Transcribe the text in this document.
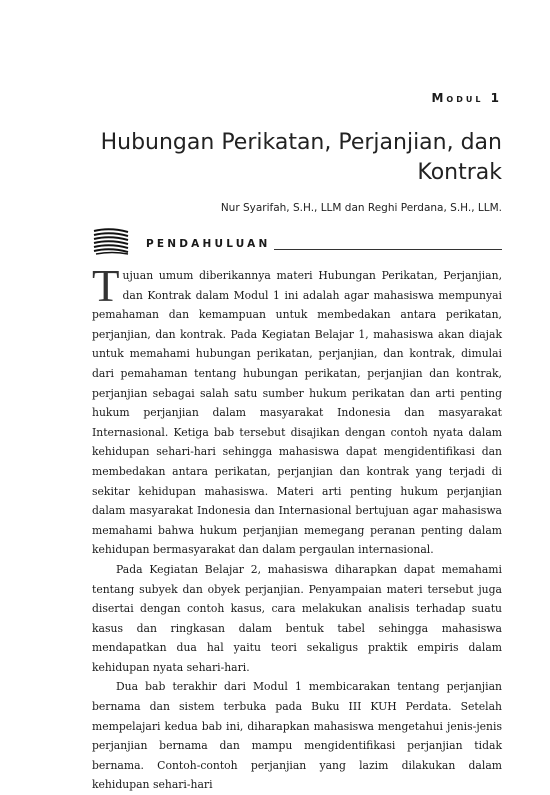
Modul 1
Hubungan Perikatan, Perjanjian, dan Kontrak
Nur Syarifah, S.H., LLM dan Reghi Perdana, S.H., LLM.
PENDAHULUAN

Tujuan umum diberikannya materi Hubungan Perikatan, Perjanjian, dan Kontrak dalam Modul 1 ini adalah agar mahasiswa mempunyai pemahaman dan kemampuan untuk membedakan antara perikatan, perjanjian, dan kontrak. Pada Kegiatan Belajar 1, mahasiswa akan diajak untuk memahami hubungan perikatan, perjanjian, dan kontrak, dimulai dari pemahaman tentang hubungan perikatan, perjanjian dan kontrak, perjanjian sebagai salah satu sumber hukum perikatan dan arti penting hukum perjanjian dalam masyarakat Indonesia dan masyarakat Internasional. Ketiga bab tersebut disajikan dengan contoh nyata dalam kehidupan sehari-hari sehingga mahasiswa dapat mengidentifikasi dan membedakan antara perikatan, perjanjian dan kontrak yang terjadi di sekitar kehidupan mahasiswa. Materi arti penting hukum perjanjian dalam masyarakat Indonesia dan Internasional bertujuan agar mahasiswa memahami bahwa hukum perjanjian memegang peranan penting dalam kehidupan bermasyarakat dan dalam pergaulan internasional.

Pada Kegiatan Belajar 2, mahasiswa diharapkan dapat memahami tentang subyek dan obyek perjanjian. Penyampaian materi tersebut juga disertai dengan contoh kasus, cara melakukan analisis terhadap suatu kasus dan ringkasan dalam bentuk tabel sehingga mahasiswa mendapatkan dua hal yaitu teori sekaligus praktik empiris dalam kehidupan nyata sehari-hari.

Dua bab terakhir dari Modul 1 membicarakan tentang perjanjian bernama dan sistem terbuka pada Buku III KUH Perdata. Setelah mempelajari kedua bab ini, diharapkan mahasiswa mengetahui jenis-jenis perjanjian bernama dan mampu mengidentifikasi perjanjian tidak bernama. Contoh-contoh perjanjian yang lazim dilakukan dalam kehidupan sehari-hari
